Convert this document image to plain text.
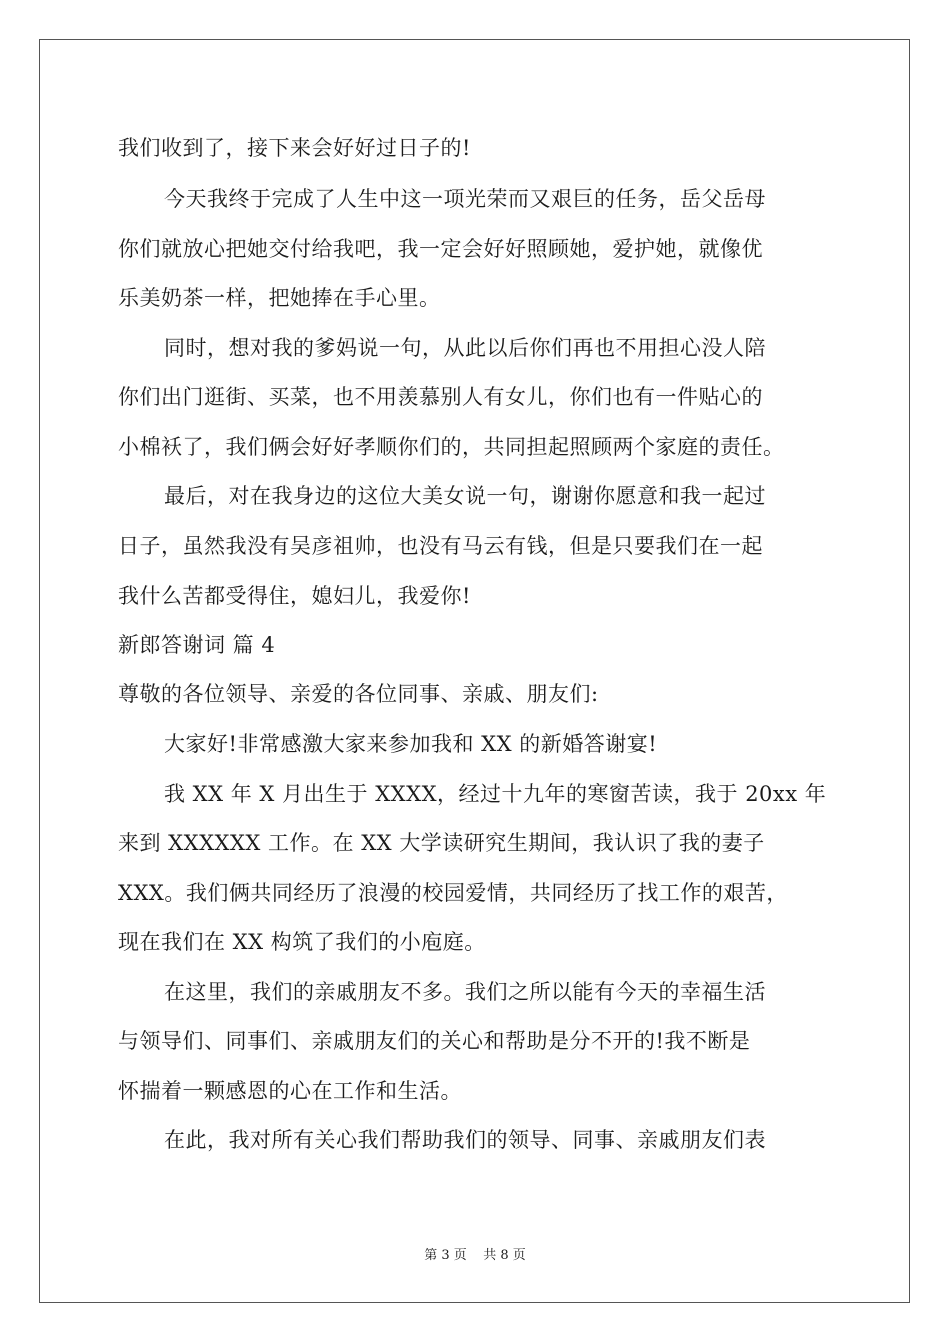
我们收到了，接下来会好好过日子的!
今天我终于完成了人生中这一项光荣而又艰巨的任务，岳父岳母
你们就放心把她交付给我吧，我一定会好好照顾她，爱护她，就像优
乐美奶茶一样，把她捧在手心里。
同时，想对我的爹妈说一句，从此以后你们再也不用担心没人陪
你们出门逛街、买菜，也不用羡慕别人有女儿，你们也有一件贴心的
小棉袄了，我们俩会好好孝顺你们的，共同担起照顾两个家庭的责任。
最后，对在我身边的这位大美女说一句，谢谢你愿意和我一起过
日子，虽然我没有吴彦祖帅，也没有马云有钱，但是只要我们在一起
我什么苦都受得住，媳妇儿，我爱你!
新郎答谢词 篇 4
尊敬的各位领导、亲爱的各位同事、亲戚、朋友们:
大家好!非常感激大家来参加我和 XX 的新婚答谢宴!
我 XX 年 X 月出生于 XXXX，经过十九年的寒窗苦读，我于 20xx 年
来到 XXXXXX 工作。在 XX 大学读研究生期间，我认识了我的妻子
XXX。我们俩共同经历了浪漫的校园爱情，共同经历了找工作的艰苦，
现在我们在 XX 构筑了我们的小庖庭。
在这里，我们的亲戚朋友不多。我们之所以能有今天的幸福生活
与领导们、同事们、亲戚朋友们的关心和帮助是分不开的!我不断是
怀揣着一颗感恩的心在工作和生活。
在此，我对所有关心我们帮助我们的领导、同事、亲戚朋友们表
第 3 页    共 8 页
